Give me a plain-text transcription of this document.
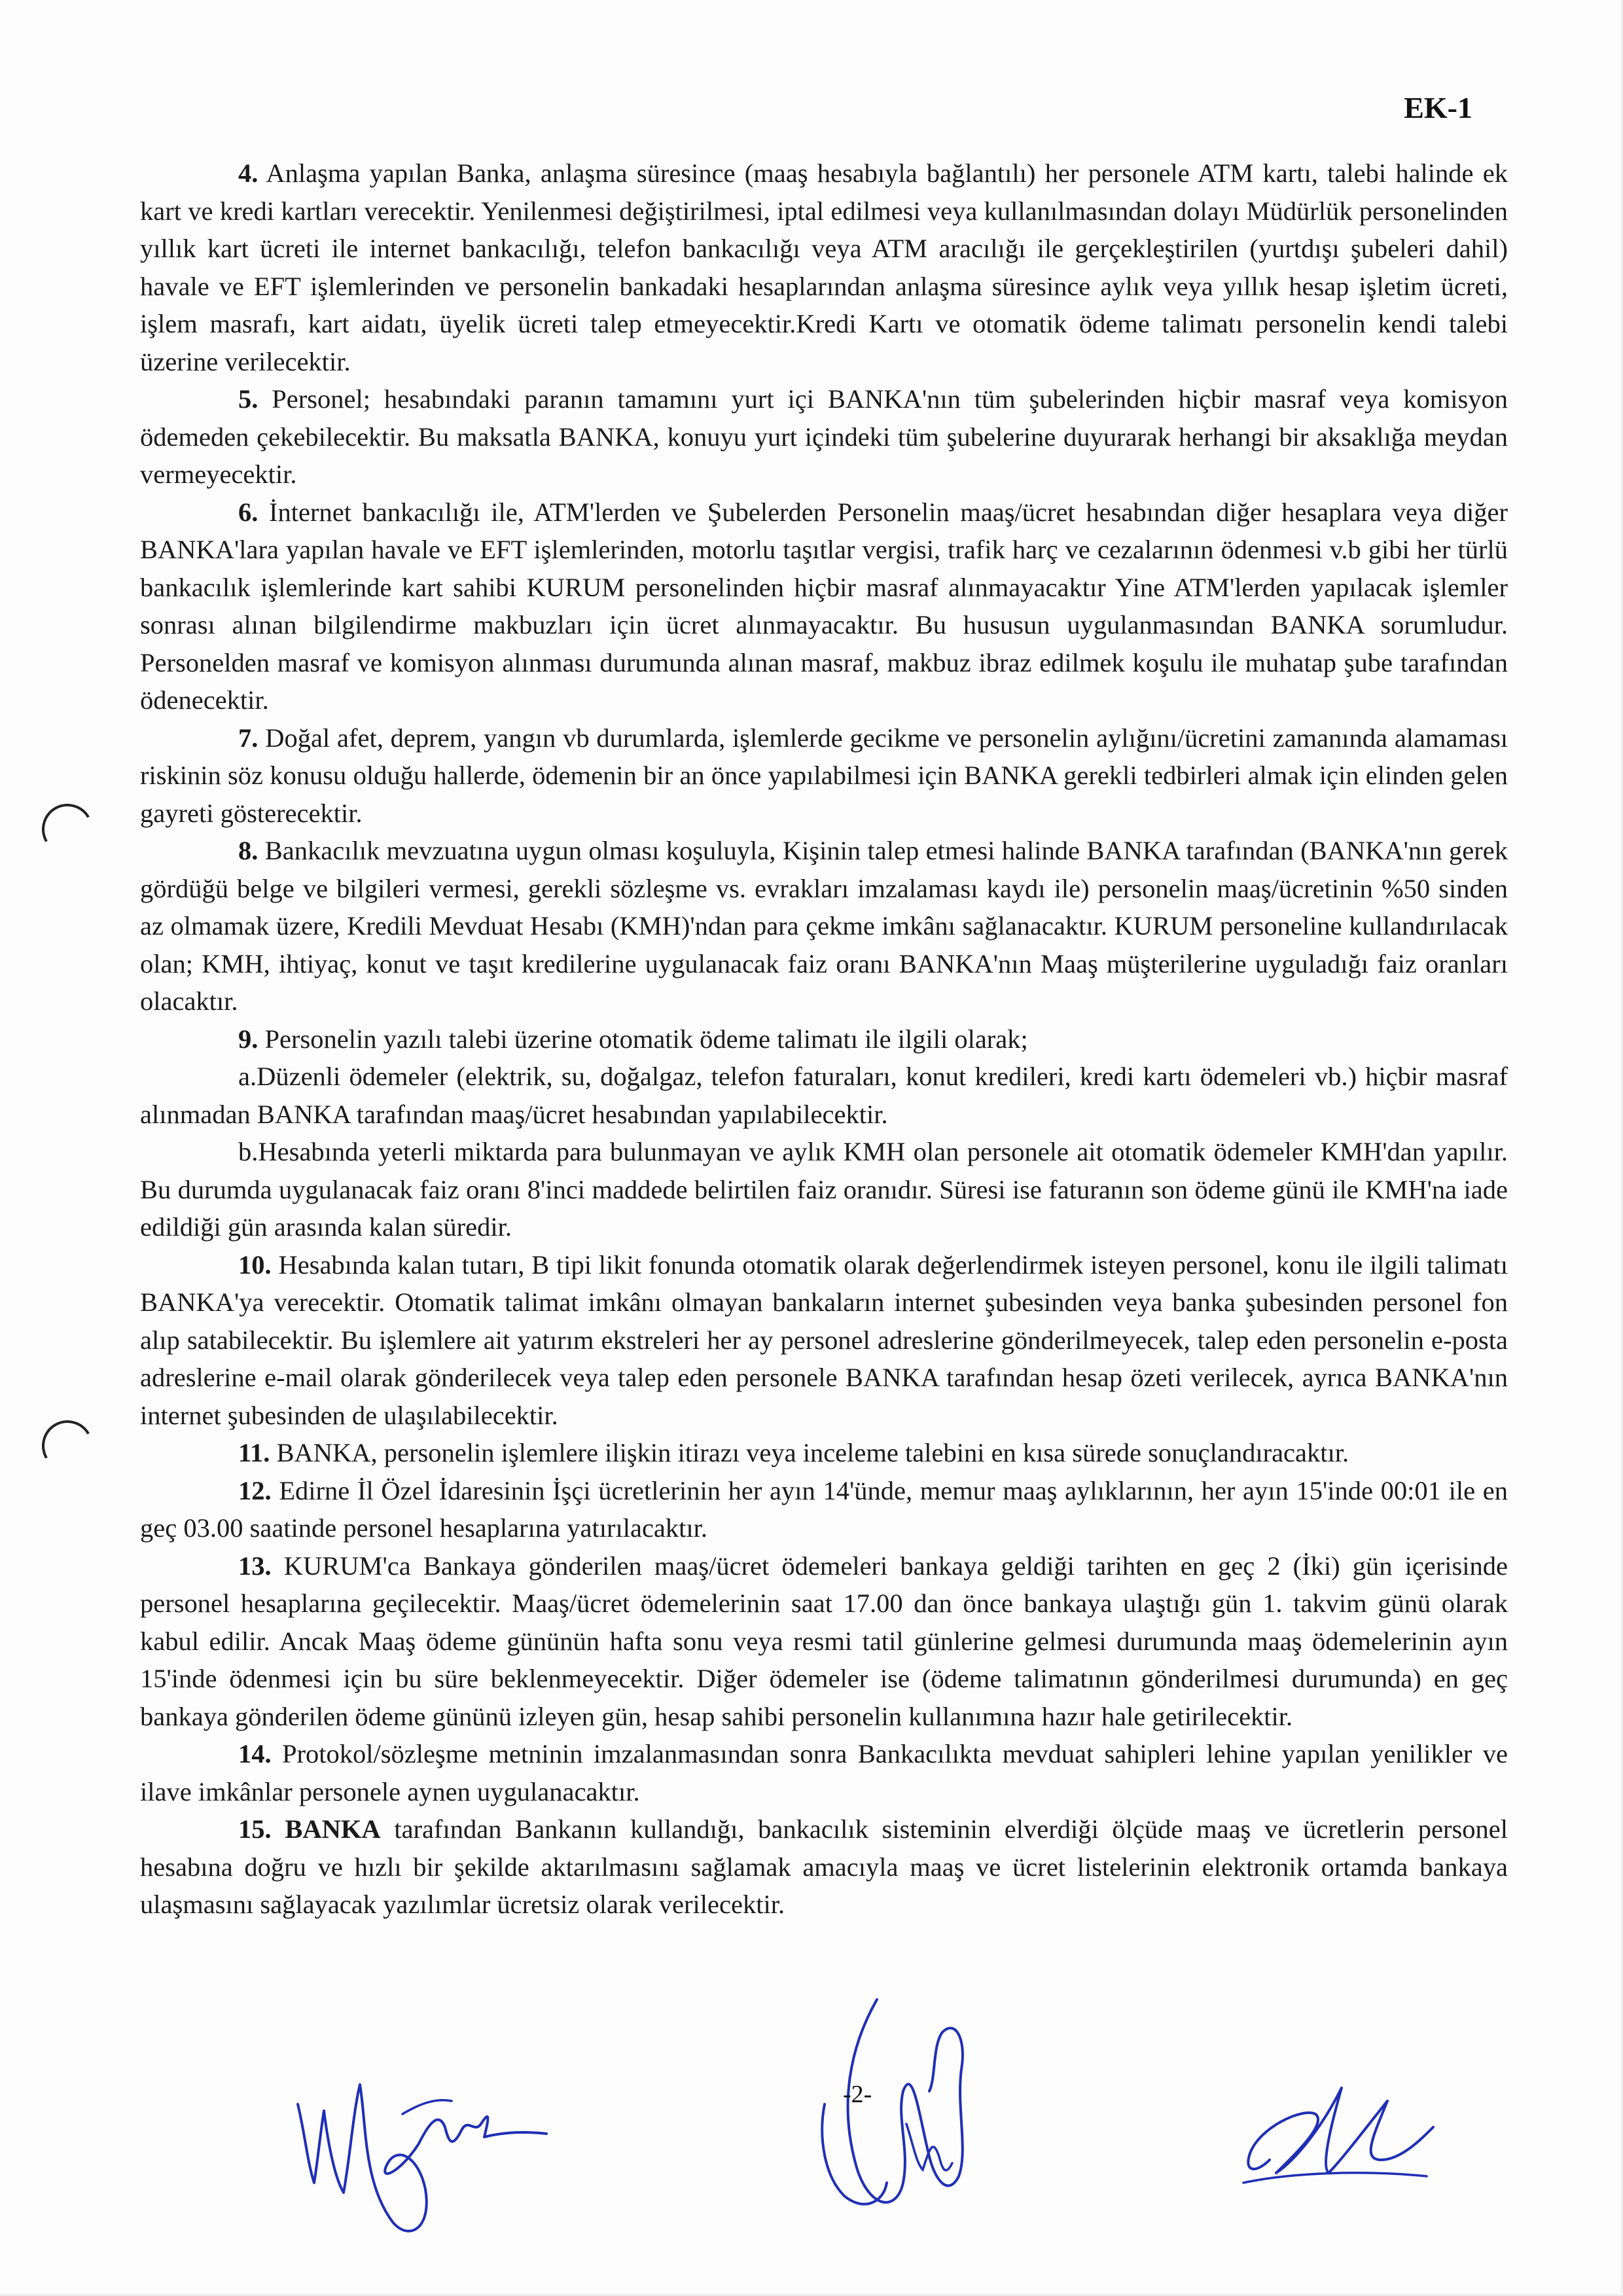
EK-1

4. Anlaşma yapılan Banka, anlaşma süresince (maaş hesabıyla bağlantılı) her personele ATM kartı, talebi halinde ek kart ve kredi kartları verecektir. Yenilenmesi değiştirilmesi, iptal edilmesi veya kullanılmasından dolayı Müdürlük personelinden yıllık kart ücreti ile internet bankacılığı, telefon bankacılığı veya ATM aracılığı ile gerçekleştirilen (yurtdışı şubeleri dahil) havale ve EFT işlemlerinden ve personelin bankadaki hesaplarından anlaşma süresince aylık veya yıllık hesap işletim ücreti, işlem masrafı, kart aidatı, üyelik ücreti talep etmeyecektir.Kredi Kartı ve otomatik ödeme talimatı personelin kendi talebi üzerine verilecektir.

5. Personel; hesabındaki paranın tamamını yurt içi BANKA'nın tüm şubelerinden hiçbir masraf veya komisyon ödemeden çekebilecektir. Bu maksatla BANKA, konuyu yurt içindeki tüm şubelerine duyurarak herhangi bir aksaklığa meydan vermeyecektir.

6. İnternet bankacılığı ile, ATM'lerden ve Şubelerden Personelin maaş/ücret hesabından diğer hesaplara veya diğer BANKA'lara yapılan havale ve EFT işlemlerinden, motorlu taşıtlar vergisi, trafik harç ve cezalarının ödenmesi v.b gibi her türlü bankacılık işlemlerinde kart sahibi KURUM personelinden hiçbir masraf alınmayacaktır Yine ATM'lerden yapılacak işlemler sonrası alınan bilgilendirme makbuzları için ücret alınmayacaktır. Bu hususun uygulanmasından BANKA sorumludur. Personelden masraf ve komisyon alınması durumunda alınan masraf, makbuz ibraz edilmek koşulu ile muhatap şube tarafından ödenecektir.

7. Doğal afet, deprem, yangın vb durumlarda, işlemlerde gecikme ve personelin aylığını/ücretini zamanında alamaması riskinin söz konusu olduğu hallerde, ödemenin bir an önce yapılabilmesi için BANKA gerekli tedbirleri almak için elinden gelen gayreti gösterecektir.

8. Bankacılık mevzuatına uygun olması koşuluyla, Kişinin talep etmesi halinde BANKA tarafından (BANKA'nın gerek gördüğü belge ve bilgileri vermesi, gerekli sözleşme vs. evrakları imzalaması kaydı ile) personelin maaş/ücretinin %50 sinden az olmamak üzere, Kredili Mevduat Hesabı (KMH)'ndan para çekme imkânı sağlanacaktır. KURUM personeline kullandırılacak olan; KMH, ihtiyaç, konut ve taşıt kredilerine uygulanacak faiz oranı BANKA'nın Maaş müşterilerine uyguladığı faiz oranları olacaktır.

9. Personelin yazılı talebi üzerine otomatik ödeme talimatı ile ilgili olarak;

a.Düzenli ödemeler (elektrik, su, doğalgaz, telefon faturaları, konut kredileri, kredi kartı ödemeleri vb.) hiçbir masraf alınmadan BANKA tarafından maaş/ücret hesabından yapılabilecektir.

b.Hesabında yeterli miktarda para bulunmayan ve aylık KMH olan personele ait otomatik ödemeler KMH'dan yapılır. Bu durumda uygulanacak faiz oranı 8'inci maddede belirtilen faiz oranıdır. Süresi ise faturanın son ödeme günü ile KMH'na iade edildiği gün arasında kalan süredir.

10. Hesabında kalan tutarı, B tipi likit fonunda otomatik olarak değerlendirmek isteyen personel, konu ile ilgili talimatı BANKA'ya verecektir. Otomatik talimat imkânı olmayan bankaların internet şubesinden veya banka şubesinden personel fon alıp satabilecektir. Bu işlemlere ait yatırım ekstreleri her ay personel adreslerine gönderilmeyecek, talep eden personelin e-posta adreslerine e-mail olarak gönderilecek veya talep eden personele BANKA tarafından hesap özeti verilecek, ayrıca BANKA'nın internet şubesinden de ulaşılabilecektir.

11. BANKA, personelin işlemlere ilişkin itirazı veya inceleme talebini en kısa sürede sonuçlandıracaktır.

12. Edirne İl Özel İdaresinin İşçi ücretlerinin her ayın 14'ünde, memur maaş aylıklarının, her ayın 15'inde 00:01 ile en geç 03.00 saatinde personel hesaplarına yatırılacaktır.

13. KURUM'ca Bankaya gönderilen maaş/ücret ödemeleri bankaya geldiği tarihten en geç 2 (İki) gün içerisinde personel hesaplarına geçilecektir. Maaş/ücret ödemelerinin saat 17.00 dan önce bankaya ulaştığı gün 1. takvim günü olarak kabul edilir. Ancak Maaş ödeme gününün hafta sonu veya resmi tatil günlerine gelmesi durumunda maaş ödemelerinin ayın 15'inde ödenmesi için bu süre beklenmeyecektir. Diğer ödemeler ise (ödeme talimatının gönderilmesi durumunda) en geç bankaya gönderilen ödeme gününü izleyen gün, hesap sahibi personelin kullanımına hazır hale getirilecektir.

14. Protokol/sözleşme metninin imzalanmasından sonra Bankacılıkta mevduat sahipleri lehine yapılan yenilikler ve ilave imkânlar personele aynen uygulanacaktır.

15. BANKA tarafından Bankanın kullandığı, bankacılık sisteminin elverdiği ölçüde maaş ve ücretlerin personel hesabına doğru ve hızlı bir şekilde aktarılmasını sağlamak amacıyla maaş ve ücret listelerinin elektronik ortamda bankaya ulaşmasını sağlayacak yazılımlar ücretsiz olarak verilecektir.

-2-
